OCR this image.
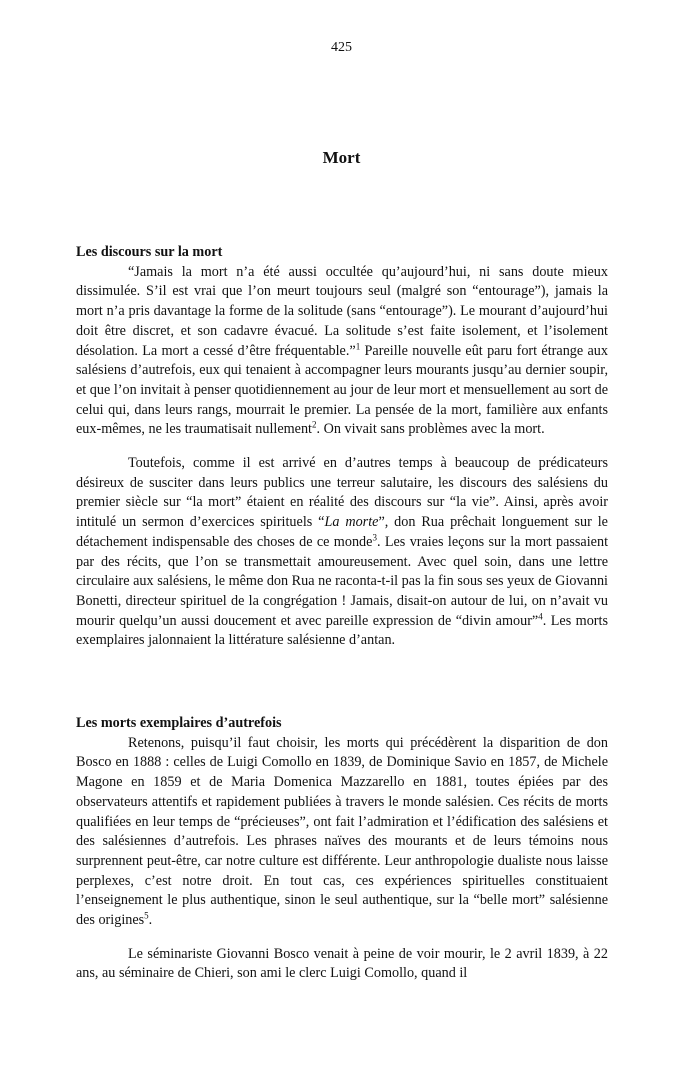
425
Mort
Les discours sur la mort

“Jamais la mort n’a été aussi occultée qu’aujourd’hui, ni sans doute mieux dissimulée. S’il est vrai que l’on meurt toujours seul (malgré son “entourage”), jamais la mort n’a pris davantage la forme de la solitude (sans “entourage”). Le mourant d’aujourd’hui doit être discret, et son cadavre évacué. La solitude s’est faite isolement, et l’isolement désolation. La mort a cessé d’être fréquentable.”$^1$ Pareille nouvelle eût paru fort étrange aux salésiens d’autrefois, eux qui tenaient à accompagner leurs mourants jusqu’au dernier soupir, et que l’on invitait à penser quotidiennement au jour de leur mort et mensuellement au sort de celui qui, dans leurs rangs, mourrait le premier. La pensée de la mort, familière aux enfants eux-mêmes, ne les traumatisait nullement$^2$. On vivait sans problèmes avec la mort.

Toutefois, comme il est arrivé en d’autres temps à beaucoup de prédicateurs désireux de susciter dans leurs publics une terreur salutaire, les discours des salésiens du premier siècle sur “la mort” étaient en réalité des discours sur “la vie”. Ainsi, après avoir intitulé un sermon d’exercices spirituels “La morte”, don Rua prêchait longuement sur le détachement indispensable des choses de ce monde$^3$. Les vraies leçons sur la mort passaient par des récits, que l’on se transmettait amoureusement. Avec quel soin, dans une lettre circulaire aux salésiens, le même don Rua ne raconta-t-il pas la fin sous ses yeux de Giovanni Bonetti, directeur spirituel de la congrégation ! Jamais, disait-on autour de lui, on n’avait vu mourir quelqu’un aussi doucement et avec pareille expression de “divin amour”$^4$. Les morts exemplaires jalonnaient la littérature salésienne d’antan.

Les morts exemplaires d’autrefois

Retenons, puisqu’il faut choisir, les morts qui précédèrent la disparition de don Bosco en 1888 : celles de Luigi Comollo en 1839, de Dominique Savio en 1857, de Michele Magone en 1859 et de Maria Domenica Mazzarello en 1881, toutes épiées par des observateurs attentifs et rapidement publiées à travers le monde salésien. Ces récits de morts qualifiées en leur temps de “précieuses”, ont fait l’admiration et l’édification des salésiens et des salésiennes d’autrefois. Les phrases naïves des mourants et de leurs témoins nous surprennent peut-être, car notre culture est différente. Leur anthropologie dualiste nous laisse perplexes, c’est notre droit. En tout cas, ces expériences spirituelles constituaient l’enseignement le plus authentique, sinon le seul authentique, sur la “belle mort” salésienne des origines$^5$.

Le séminariste Giovanni Bosco venait à peine de voir mourir, le 2 avril 1839, à 22 ans, au séminaire de Chieri, son ami le clerc Luigi Comollo, quand il
